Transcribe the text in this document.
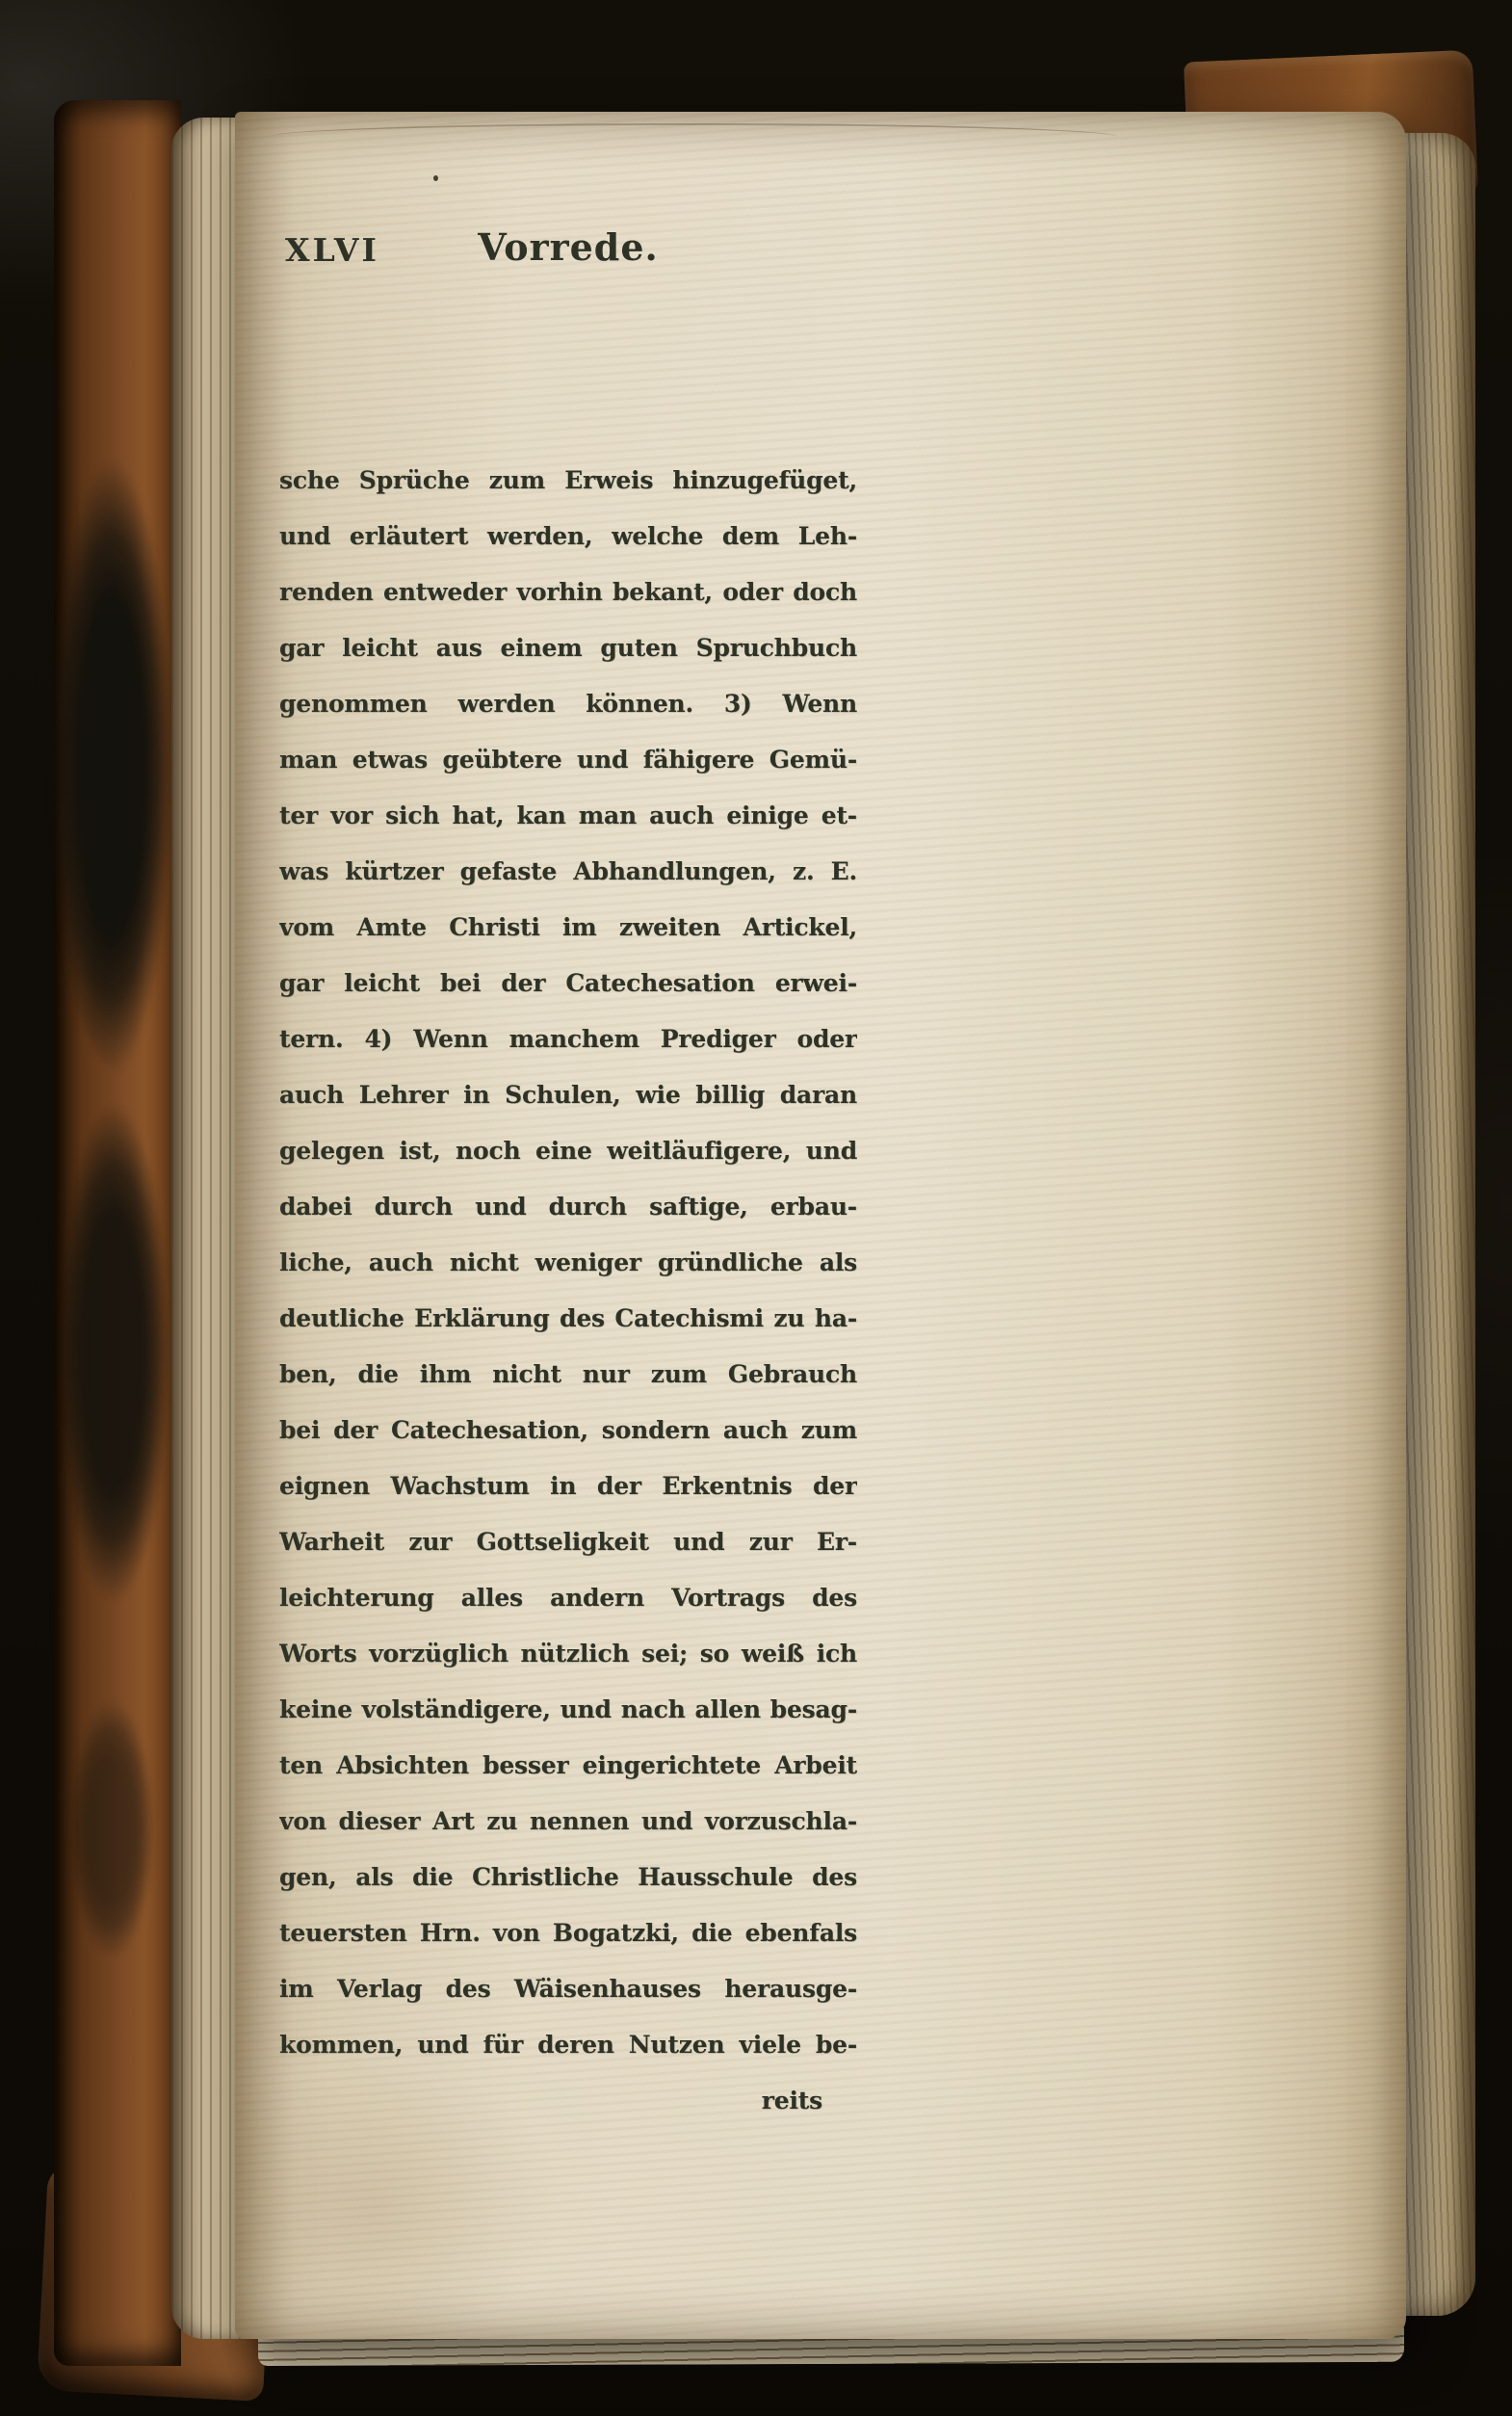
XLVI	Vorrede.
sche Sprüche zum Erweis hinzugefüget,
und erläutert werden, welche dem Leh-
renden entweder vorhin bekant, oder doch
gar leicht aus einem guten Spruchbuch
genommen werden können. 3) Wenn
man etwas geübtere und fähigere Gemü-
ter vor sich hat, kan man auch einige et-
was kürtzer gefaste Abhandlungen, z. E.
vom Amte Christi im zweiten Artickel,
gar leicht bei der Catechesation erwei-
tern. 4) Wenn manchem Prediger oder
auch Lehrer in Schulen, wie billig daran
gelegen ist, noch eine weitläufigere, und
dabei durch und durch saftige, erbau-
liche, auch nicht weniger gründliche als
deutliche Erklärung des Catechismi zu ha-
ben, die ihm nicht nur zum Gebrauch
bei der Catechesation, sondern auch zum
eignen Wachstum in der Erkentnis der
Warheit zur Gottseligkeit und zur Er-
leichterung alles andern Vortrags des
Worts vorzüglich nützlich sei; so weiß ich
keine volständigere, und nach allen besag-
ten Absichten besser eingerichtete Arbeit
von dieser Art zu nennen und vorzuschla-
gen, als die Christliche Hausschule des
teuersten Hrn. von Bogatzki, die ebenfals
im Verlag des Wäisenhauses herausge-
kommen, und für deren Nutzen viele be-
reits
